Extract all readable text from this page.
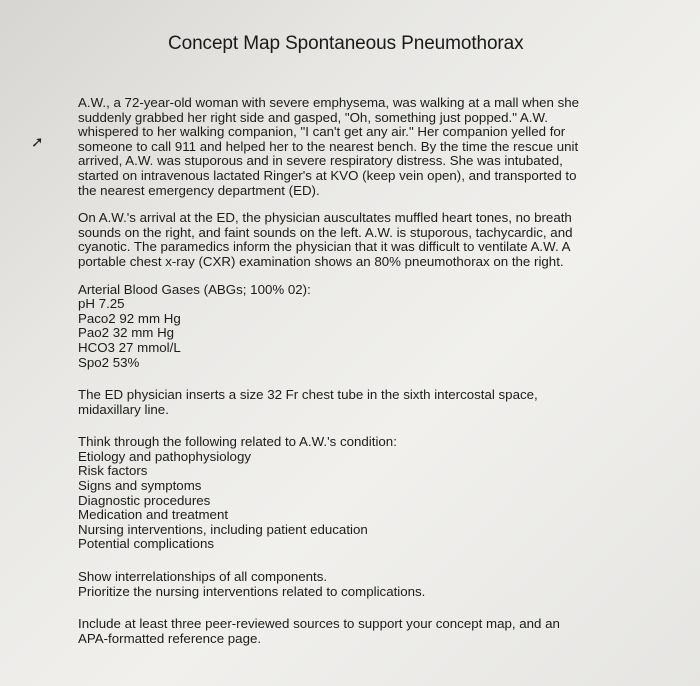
Concept Map Spontaneous Pneumothorax
➚
A.W., a 72-year-old woman with severe emphysema, was walking at a mall when she
suddenly grabbed her right side and gasped, "Oh, something just popped." A.W.
whispered to her walking companion, "I can't get any air." Her companion yelled for
someone to call 911 and helped her to the nearest bench. By the time the rescue unit
arrived, A.W. was stuporous and in severe respiratory distress. She was intubated,
started on intravenous lactated Ringer's at KVO (keep vein open), and transported to
the nearest emergency department (ED).
On A.W.'s arrival at the ED, the physician auscultates muffled heart tones, no breath
sounds on the right, and faint sounds on the left. A.W. is stuporous, tachycardic, and
cyanotic. The paramedics inform the physician that it was difficult to ventilate A.W. A
portable chest x-ray (CXR) examination shows an 80% pneumothorax on the right.
Arterial Blood Gases (ABGs; 100% 02):
pH 7.25
Paco2 92 mm Hg
Pao2 32 mm Hg
HCO3 27 mmol/L
Spo2 53%
The ED physician inserts a size 32 Fr chest tube in the sixth intercostal space,
midaxillary line.
Think through the following related to A.W.'s condition:
Etiology and pathophysiology
Risk factors
Signs and symptoms
Diagnostic procedures
Medication and treatment
Nursing interventions, including patient education
Potential complications
Show interrelationships of all components.
Prioritize the nursing interventions related to complications.
Include at least three peer-reviewed sources to support your concept map, and an
APA-formatted reference page.
